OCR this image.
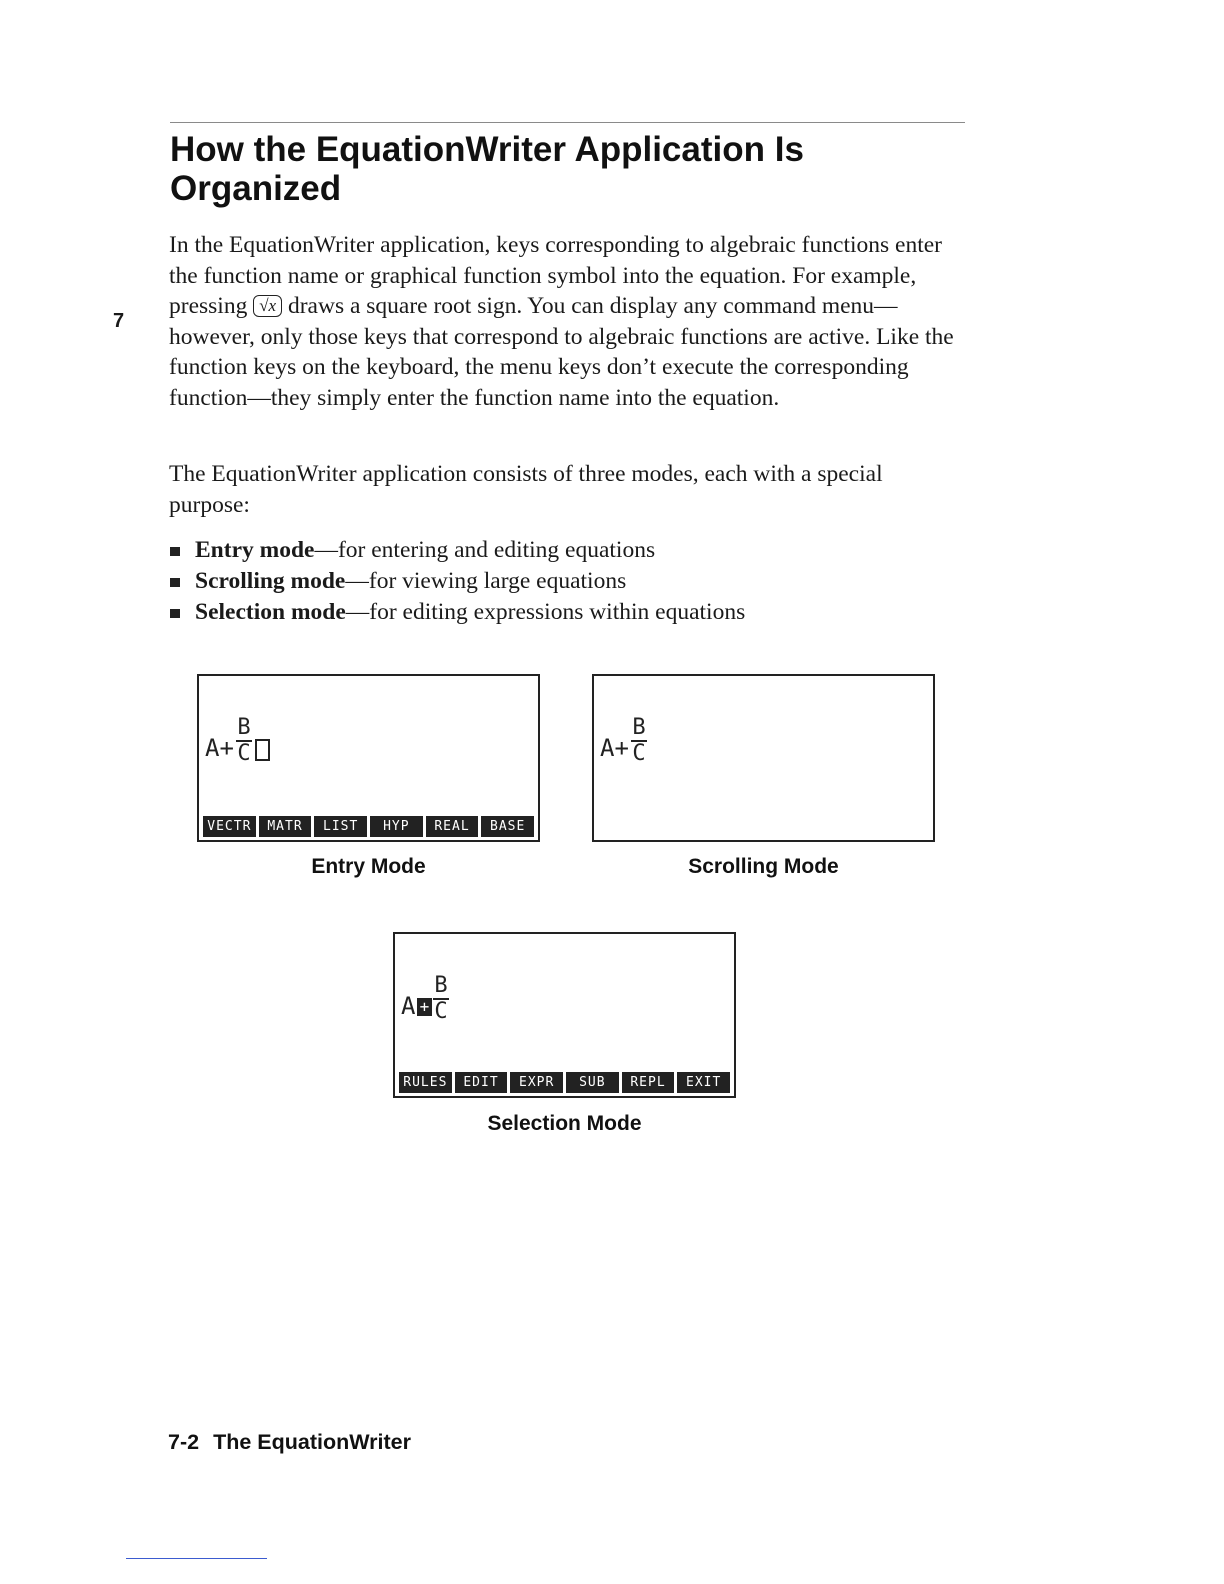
7
How the EquationWriter Application Is Organized

In the EquationWriter application, keys corresponding to algebraic functions enter the function name or graphical function symbol into the equation. For example, pressing √x draws a square root sign. You can display any command menu—however, only those keys that correspond to algebraic functions are active. Like the function keys on the keyboard, the menu keys don’t execute the corresponding function—they simply enter the function name into the equation.

The EquationWriter application consists of three modes, each with a special purpose:

Entry mode—for entering and editing equations
Scrolling mode—for viewing large equations
Selection mode—for editing expressions within equations
A+
B
C
VECTR	MATR	LIST	HYP	REAL	BASE
Entry Mode
A+
B
C
Scrolling Mode
A +
B
C
RULES	EDIT	EXPR	SUB	REPL	EXIT
Selection Mode
7-2 The EquationWriter
